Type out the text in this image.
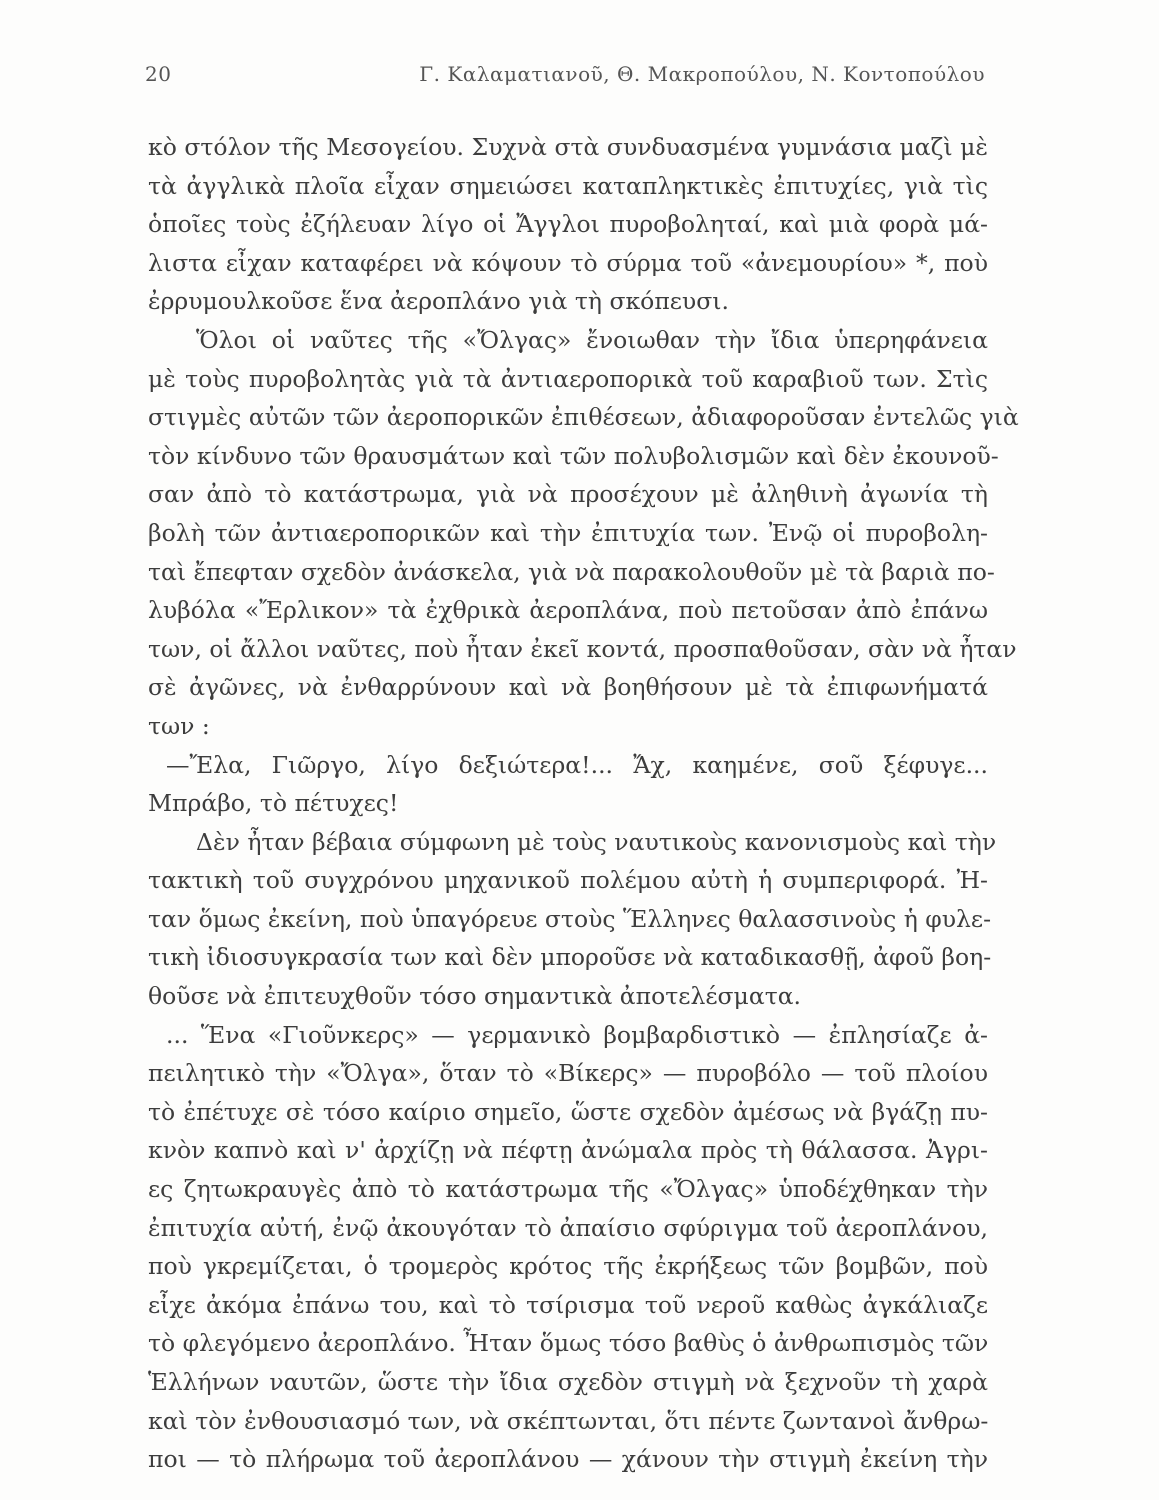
20	Γ. Καλαματιανοῦ, Θ. Μακροπούλου, Ν. Κοντοπούλου
κὸ στόλον τῆς Μεσογείου. Συχνὰ στὰ συνδυασμένα γυμνάσια μαζὶ μὲ
τὰ ἀγγλικὰ πλοῖα εἶχαν σημειώσει καταπληκτικὲς ἐπιτυχίες, γιὰ τὶς
ὁποῖες τοὺς ἐζήλευαν λίγο οἱ Ἄγγλοι πυροβοληταί, καὶ μιὰ φορὰ μά-
λιστα εἶχαν καταφέρει νὰ κόψουν τὸ σύρμα τοῦ «ἀνεμουρίου» *, ποὺ
ἐρρυμουλκοῦσε ἕνα ἀεροπλάνο γιὰ τὴ σκόπευσι.
Ὅλοι οἱ ναῦτες τῆς «Ὄλγας» ἔνοιωθαν τὴν ἴδια ὑπερηφάνεια
μὲ τοὺς πυροβολητὰς γιὰ τὰ ἀντιαεροπορικὰ τοῦ καραβιοῦ των. Στὶς
στιγμὲς αὐτῶν τῶν ἀεροπορικῶν ἐπιθέσεων, ἀδιαφοροῦσαν ἐντελῶς γιὰ
τὸν κίνδυνο τῶν θραυσμάτων καὶ τῶν πολυβολισμῶν καὶ δὲν ἐκουνοῦ-
σαν ἀπὸ τὸ κατάστρωμα, γιὰ νὰ προσέχουν μὲ ἀληθινὴ ἀγωνία τὴ
βολὴ τῶν ἀντιαεροπορικῶν καὶ τὴν ἐπιτυχία των. Ἐνῷ οἱ πυροβολη-
ταὶ ἔπεφταν σχεδὸν ἀνάσκελα, γιὰ νὰ παρακολουθοῦν μὲ τὰ βαριὰ πο-
λυβόλα «Ἔρλικον» τὰ ἐχθρικὰ ἀεροπλάνα, ποὺ πετοῦσαν ἀπὸ ἐπάνω
των, οἱ ἄλλοι ναῦτες, ποὺ ἦταν ἐκεῖ κοντά, προσπαθοῦσαν, σὰν νὰ ἦταν
σὲ ἀγῶνες, νὰ ἐνθαρρύνουν καὶ νὰ βοηθήσουν μὲ τὰ ἐπιφωνήματά
των :
—Ἔλα, Γιῶργο, λίγο δεξιώτερα!... Ἄχ, καημένε, σοῦ ξέφυγε...
Μπράβο, τὸ πέτυχες!
Δὲν ἦταν βέβαια σύμφωνη μὲ τοὺς ναυτικοὺς κανονισμοὺς καὶ τὴν
τακτικὴ τοῦ συγχρόνου μηχανικοῦ πολέμου αὐτὴ ἡ συμπεριφορά. Ἠ-
ταν ὅμως ἐκείνη, ποὺ ὑπαγόρευε στοὺς Ἕλληνες θαλασσινοὺς ἡ φυλε-
τικὴ ἰδιοσυγκρασία των καὶ δὲν μποροῦσε νὰ καταδικασθῇ, ἀφοῦ βοη-
θοῦσε νὰ ἐπιτευχθοῦν τόσο σημαντικὰ ἀποτελέσματα.
... Ἕνα «Γιοῦνκερς» — γερμανικὸ βομβαρδιστικὸ — ἐπλησίαζε ἀ-
πειλητικὸ τὴν «Ὄλγα», ὅταν τὸ «Βίκερς» — πυροβόλο — τοῦ πλοίου
τὸ ἐπέτυχε σὲ τόσο καίριο σημεῖο, ὥστε σχεδὸν ἀμέσως νὰ βγάζῃ πυ-
κνὸν καπνὸ καὶ ν' ἀρχίζῃ νὰ πέφτῃ ἀνώμαλα πρὸς τὴ θάλασσα. Ἀγρι-
ες ζητωκραυγὲς ἀπὸ τὸ κατάστρωμα τῆς «Ὄλγας» ὑποδέχθηκαν τὴν
ἐπιτυχία αὐτή, ἐνῷ ἀκουγόταν τὸ ἀπαίσιο σφύριγμα τοῦ ἀεροπλάνου,
ποὺ γκρεμίζεται, ὁ τρομερὸς κρότος τῆς ἐκρήξεως τῶν βομβῶν, ποὺ
εἶχε ἀκόμα ἐπάνω του, καὶ τὸ τσίρισμα τοῦ νεροῦ καθὼς ἀγκάλιαζε
τὸ φλεγόμενο ἀεροπλάνο. Ἦταν ὅμως τόσο βαθὺς ὁ ἀνθρωπισμὸς τῶν
Ἑλλήνων ναυτῶν, ὥστε τὴν ἴδια σχεδὸν στιγμὴ νὰ ξεχνοῦν τὴ χαρὰ
καὶ τὸν ἐνθουσιασμό των, νὰ σκέπτωνται, ὅτι πέντε ζωντανοὶ ἄνθρω-
ποι — τὸ πλήρωμα τοῦ ἀεροπλάνου — χάνουν τὴν στιγμὴ ἐκείνη τὴν
